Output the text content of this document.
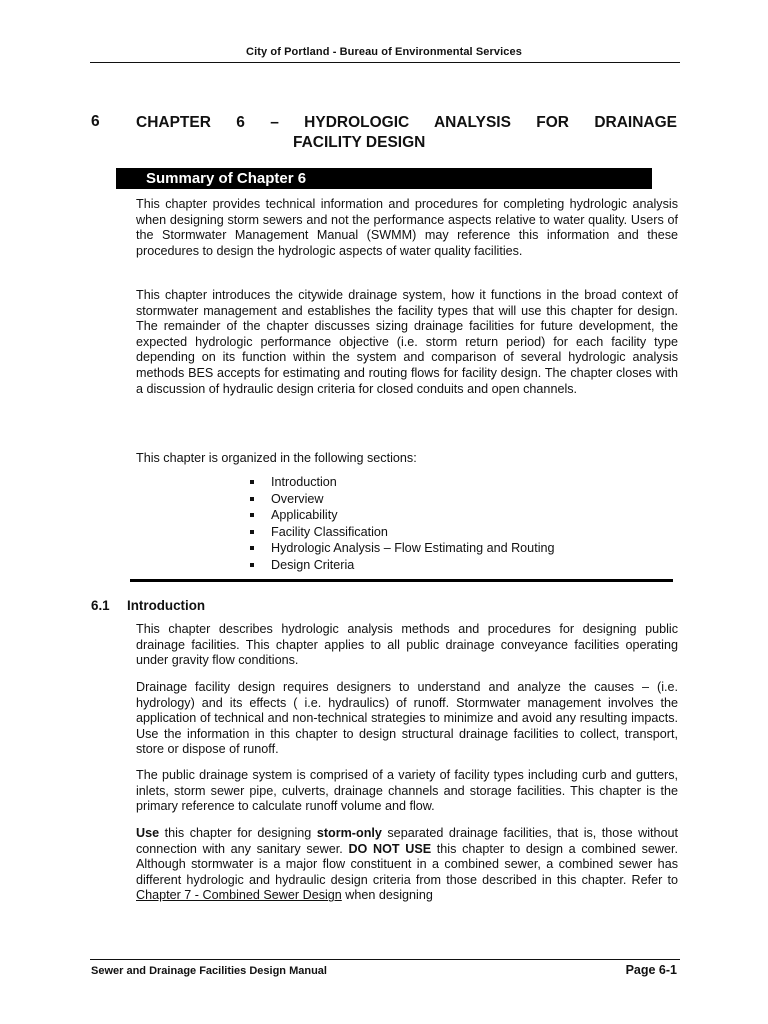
City of Portland - Bureau of Environmental Services
6 CHAPTER 6 – HYDROLOGIC ANALYSIS FOR DRAINAGE
FACILITY DESIGN
Summary of Chapter 6

This chapter provides technical information and procedures for completing hydrologic analysis when designing storm sewers and not the performance aspects relative to water quality. Users of the Stormwater Management Manual (SWMM) may reference this information and these procedures to design the hydrologic aspects of water quality facilities.

This chapter introduces the citywide drainage system, how it functions in the broad context of stormwater management and establishes the facility types that will use this chapter for design. The remainder of the chapter discusses sizing drainage facilities for future development, the expected hydrologic performance objective (i.e. storm return period) for each facility type depending on its function within the system and comparison of several hydrologic analysis methods BES accepts for estimating and routing flows for facility design. The chapter closes with a discussion of hydraulic design criteria for closed conduits and open channels.

This chapter is organized in the following sections:

Introduction
Overview
Applicability
Facility Classification
Hydrologic Analysis – Flow Estimating and Routing
Design Criteria
6.1 Introduction

This chapter describes hydrologic analysis methods and procedures for designing public drainage facilities. This chapter applies to all public drainage conveyance facilities operating under gravity flow conditions.

Drainage facility design requires designers to understand and analyze the causes – (i.e. hydrology) and its effects ( i.e. hydraulics) of runoff. Stormwater management involves the application of technical and non-technical strategies to minimize and avoid any resulting impacts. Use the information in this chapter to design structural drainage facilities to collect, transport, store or dispose of runoff.

The public drainage system is comprised of a variety of facility types including curb and gutters, inlets, storm sewer pipe, culverts, drainage channels and storage facilities. This chapter is the primary reference to calculate runoff volume and flow.

Use this chapter for designing storm-only separated drainage facilities, that is, those without connection with any sanitary sewer. DO NOT USE this chapter to design a combined sewer. Although stormwater is a major flow constituent in a combined sewer, a combined sewer has different hydrologic and hydraulic design criteria from those described in this chapter. Refer to Chapter 7 - Combined Sewer Design when designing

Sewer and Drainage Facilities Design Manual	Page 6-1
